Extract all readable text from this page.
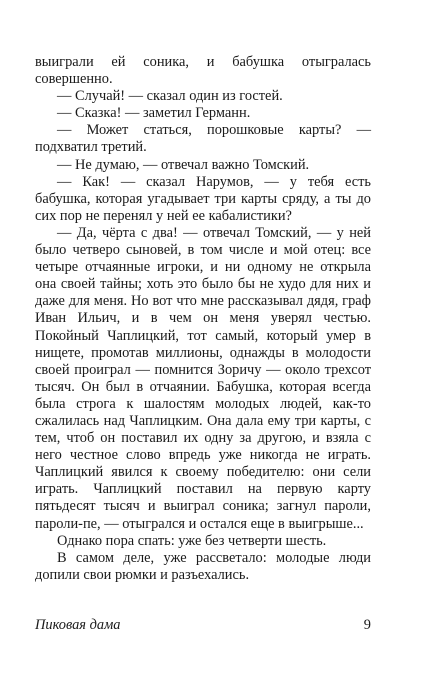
выиграли ей соника, и бабушка отыгралась совершенно.

— Случай! — сказал один из гостей.

— Сказка! — заметил Германн.

— Может статься, порошковые карты? — подхватил третий.

— Не думаю, — отвечал важно Томский.

— Как! — сказал Нарумов, — у тебя есть бабушка, которая угадывает три карты сряду, а ты до сих пор не перенял у ней ее кабалистики?

— Да, чёрта с два! — отвечал Томский, — у ней было четверо сыновей, в том числе и мой отец: все четыре отчаянные игроки, и ни одному не открыла она своей тайны; хоть это было бы не худо для них и даже для меня. Но вот что мне рассказывал дядя, граф Иван Ильич, и в чем он меня уверял честью. Покойный Чаплицкий, тот самый, который умер в нищете, промотав миллионы, однажды в молодости своей проиграл — помнится Зоричу — около трехсот тысяч. Он был в отчаянии. Бабушка, которая всегда была строга к шалостям молодых людей, как-то сжалилась над Чаплицким. Она дала ему три карты, с тем, чтоб он поставил их одну за другою, и взяла с него честное слово впредь уже никогда не играть. Чаплицкий явился к своему победителю: они сели играть. Чаплицкий поставил на первую карту пятьдесят тысяч и выиграл соника; загнул пароли, пароли-пе, — отыгрался и остался еще в выигрыше...

Однако пора спать: уже без четверти шесть.

В самом деле, уже рассветало: молодые люди допили свои рюмки и разъехались.

Пиковая дама	9
